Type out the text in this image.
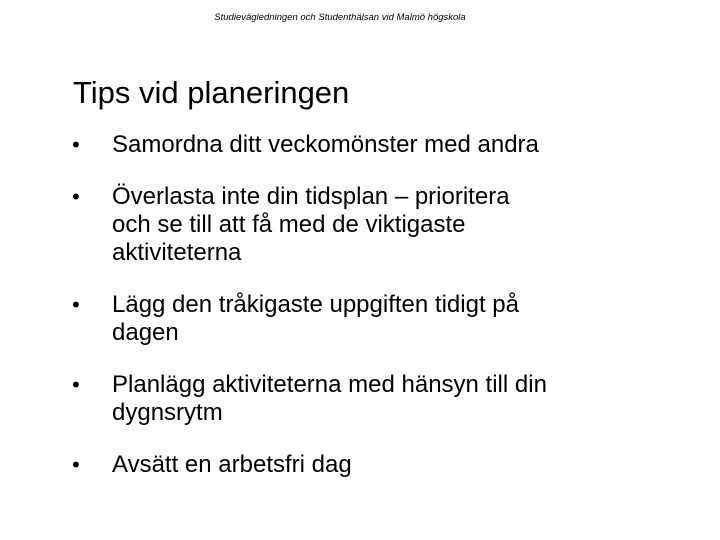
Studievägledningen och Studenthälsan vid Malmö högskola
Tips vid planeringen
•	Samordna ditt veckomönster med andra
•	Överlasta inte din tidsplan – prioritera
och se till att få med de viktigaste
aktiviteterna
•	Lägg den tråkigaste uppgiften tidigt på
dagen
•	Planlägg aktiviteterna med hänsyn till din
dygnsrytm
•	Avsätt en arbetsfri dag
